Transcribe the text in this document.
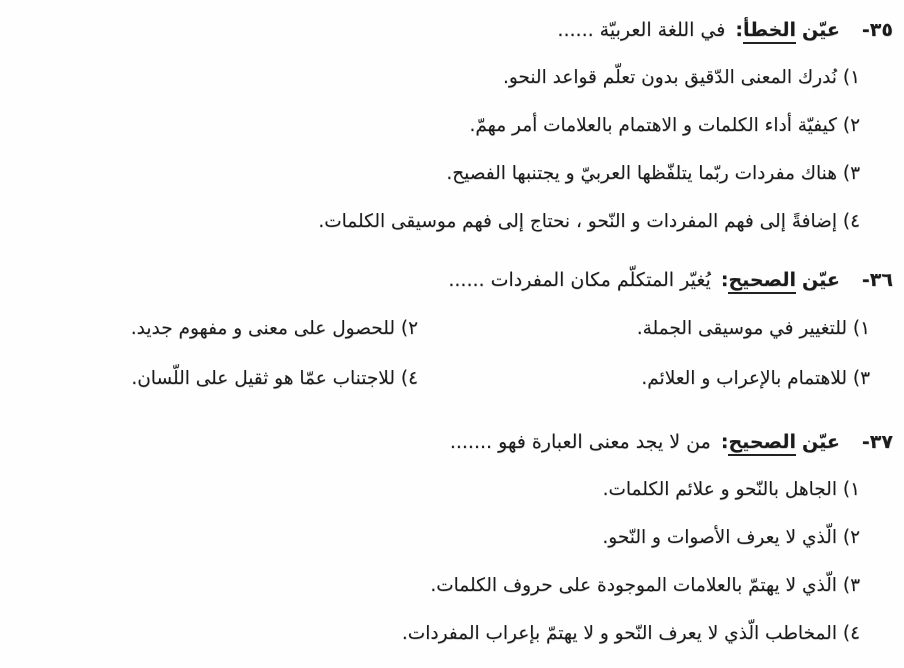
٣٥- عيّن الخطأ: في اللغة العربيّة ......
١) نُدرك المعنى الدّقيق بدون تعلّم قواعد النحو.
٢) كيفيّة أداء الكلمات و الاهتمام بالعلامات أمر مهمّ.
٣) هناك مفردات ربّما يتلفّظها العربيّ و يجتنبها الفصيح.
٤) إضافةً إلى فهم المفردات و النّحو ، نحتاج إلى فهم موسيقى الكلمات.
٣٦- عيّن الصحيح: يُغيّر المتكلّم مكان المفردات ......
١) للتغيير في موسيقى الجملة.
٢) للحصول على معنى و مفهوم جديد.
٣) للاهتمام بالإعراب و العلائم.
٤) للاجتناب عمّا هو ثقيل على اللّسان.
٣٧- عيّن الصحيح: من لا يجد معنى العبارة فهو .......
١) الجاهل بالنّحو و علائم الكلمات.
٢) الّذي لا يعرف الأصوات و النّحو.
٣) الّذي لا يهتمّ بالعلامات الموجودة على حروف الكلمات.
٤) المخاطب الّذي لا يعرف النّحو و لا يهتمّ بإعراب المفردات.
